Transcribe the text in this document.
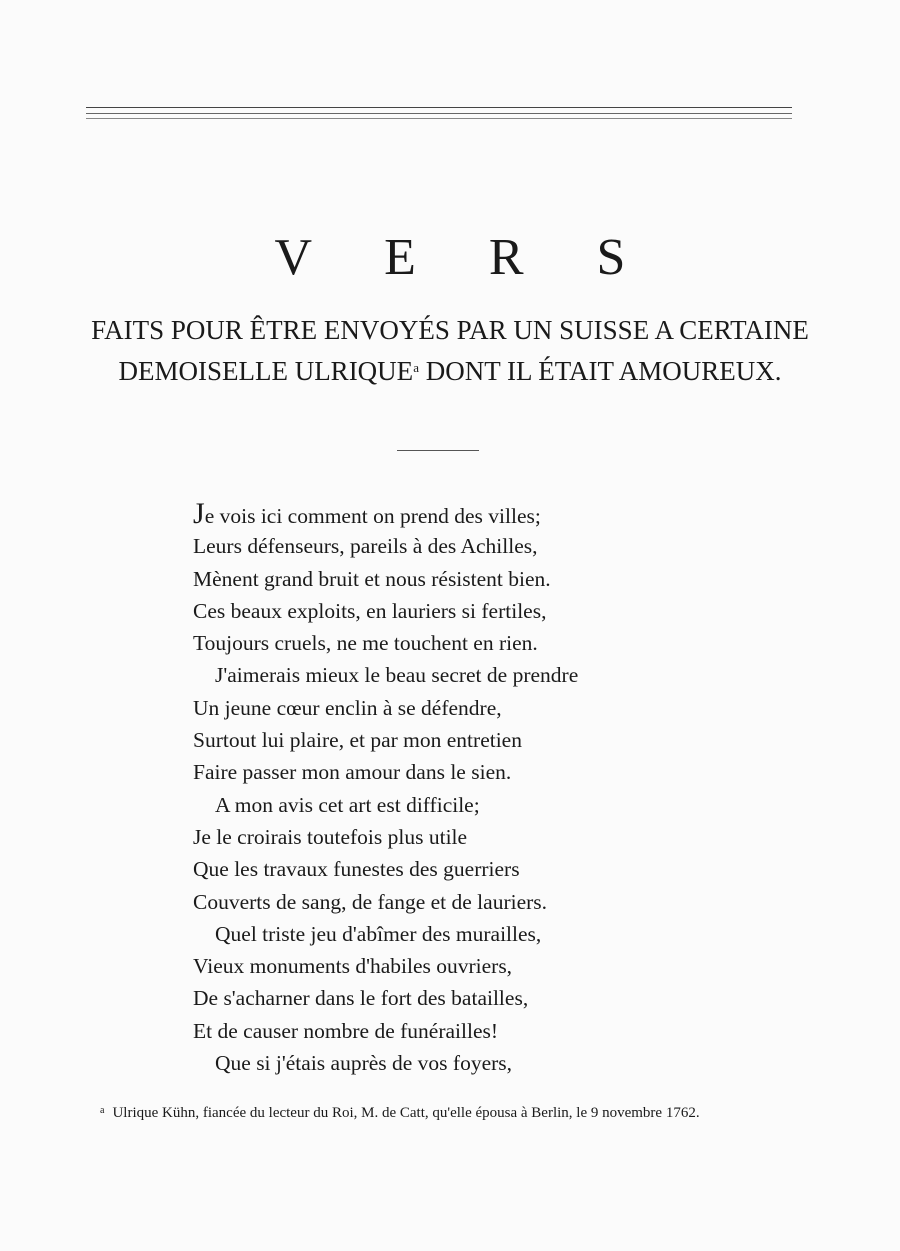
V E R S
FAITS POUR ÊTRE ENVOYÉS PAR UN SUISSE A CERTAINE DEMOISELLE ULRIQUE$^a$ DONT IL ÉTAIT AMOUREUX.
Je vois ici comment on prend des villes;
Leurs défenseurs, pareils à des Achilles,
Mènent grand bruit et nous résistent bien.
Ces beaux exploits, en lauriers si fertiles,
Toujours cruels, ne me touchent en rien.
J'aimerais mieux le beau secret de prendre
Un jeune cœur enclin à se défendre,
Surtout lui plaire, et par mon entretien
Faire passer mon amour dans le sien.
A mon avis cet art est difficile;
Je le croirais toutefois plus utile
Que les travaux funestes des guerriers
Couverts de sang, de fange et de lauriers.
Quel triste jeu d'abîmer des murailles,
Vieux monuments d'habiles ouvriers,
De s'acharner dans le fort des batailles,
Et de causer nombre de funérailles!
Que si j'étais auprès de vos foyers,

$^a$ Ulrique Kühn, fiancée du lecteur du Roi, M. de Catt, qu'elle épousa à Berlin, le 9 novembre 1762.
